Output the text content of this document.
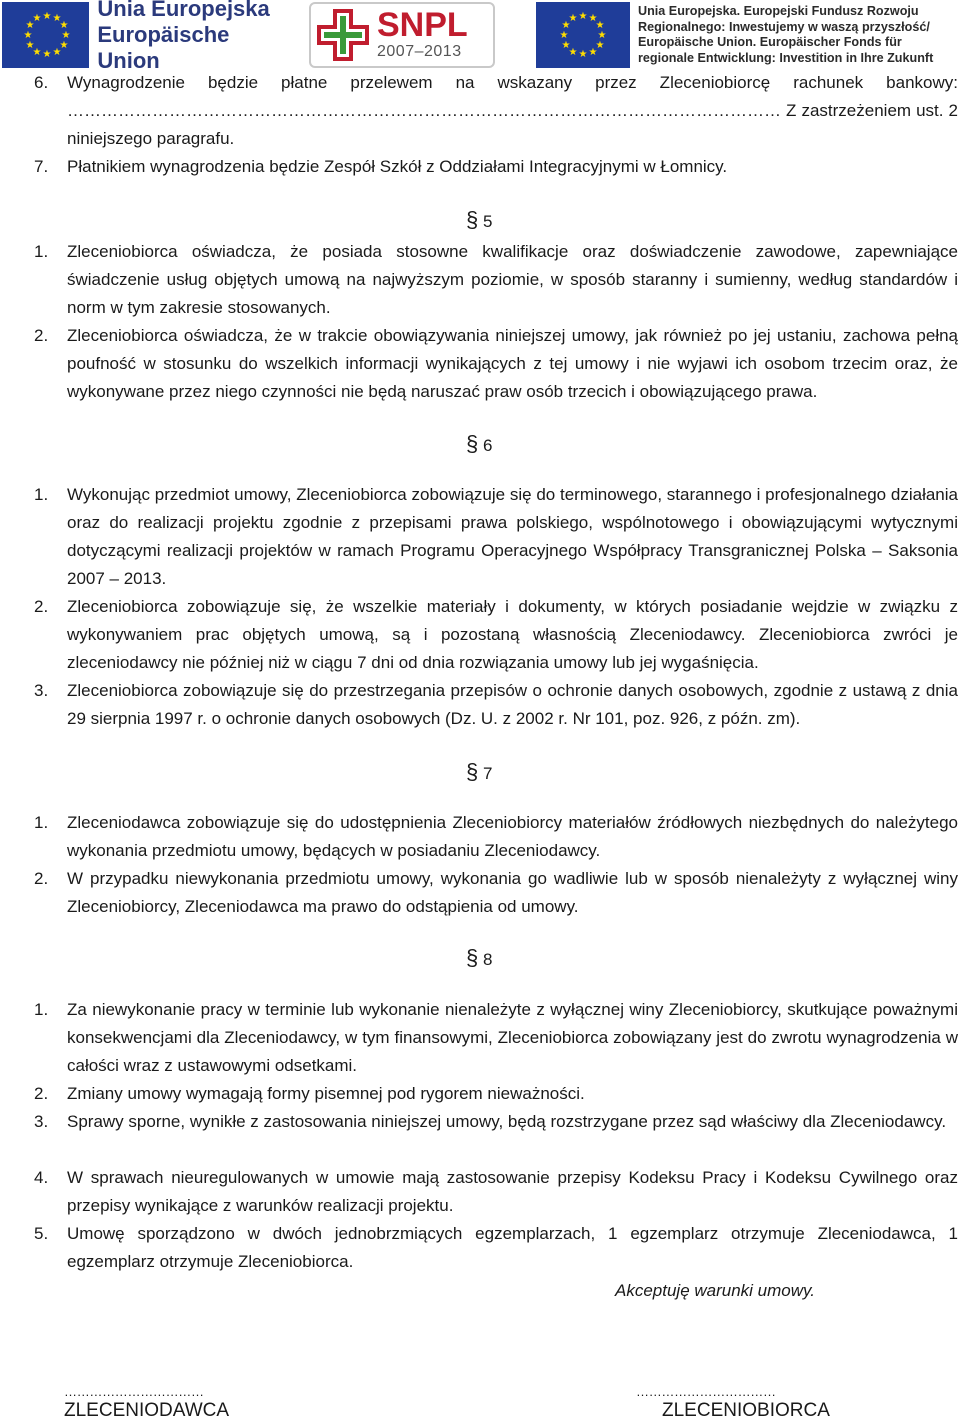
★ ★
★
★
★
★
★
★
★
★
★
★	Unia Europejska
Europäische Union
SNPL
2007–2013
★ ★
★
★
★
★
★
★
★
★
★
★
Unia Europejska. Europejski Fundusz Rozwoju
Regionalnego: Inwestujemy w waszą przyszłość/
Europäische Union. Europäischer Fonds für
regionale Entwicklung: Investition in Ihre Zukunft
6. Wynagrodzenie będzie płatne przelewem na wskazany przez Zleceniobiorcę rachunek bankowy: ……………………………………………………………………………………………………………… Z zastrzeżeniem ust. 2 niniejszego paragrafu.
7. Płatnikiem wynagrodzenia będzie Zespół Szkół z Oddziałami Integracyjnymi w Łomnicy.
§ 5
1. Zleceniobiorca oświadcza, że posiada stosowne kwalifikacje oraz doświadczenie zawodowe, zapewniające świadczenie usług objętych umową na najwyższym poziomie, w sposób staranny i sumienny, według standardów i norm w tym zakresie stosowanych.
2. Zleceniobiorca oświadcza, że w trakcie obowiązywania niniejszej umowy, jak również po jej ustaniu, zachowa pełną poufność w stosunku do wszelkich informacji wynikających z tej umowy i nie wyjawi ich osobom trzecim oraz, że wykonywane przez niego czynności nie będą naruszać praw osób trzecich i obowiązującego prawa.
§ 6
1. Wykonując przedmiot umowy, Zleceniobiorca zobowiązuje się do terminowego, starannego i profesjonalnego działania oraz do realizacji projektu zgodnie z przepisami prawa polskiego, wspólnotowego i obowiązującymi wytycznymi dotyczącymi realizacji projektów w ramach Programu Operacyjnego Współpracy Transgranicznej Polska – Saksonia 2007 – 2013.
2. Zleceniobiorca zobowiązuje się, że wszelkie materiały i dokumenty, w których posiadanie wejdzie w związku z wykonywaniem prac objętych umową, są i pozostaną własnością Zleceniodawcy. Zleceniobiorca zwróci je zleceniodawcy nie później niż w ciągu 7 dni od dnia rozwiązania umowy lub jej wygaśnięcia.
3. Zleceniobiorca zobowiązuje się do przestrzegania przepisów o ochronie danych osobowych, zgodnie z ustawą z dnia 29 sierpnia 1997 r. o ochronie danych osobowych (Dz. U. z 2002 r. Nr 101, poz. 926, z późn. zm).
§ 7
1. Zleceniodawca zobowiązuje się do udostępnienia Zleceniobiorcy materiałów źródłowych niezbędnych do należytego wykonania przedmiotu umowy, będących w posiadaniu Zleceniodawcy.
2. W przypadku niewykonania przedmiotu umowy, wykonania go wadliwie lub w sposób nienależyty z wyłącznej winy Zleceniobiorcy, Zleceniodawca ma prawo do odstąpienia od umowy.
§ 8
1. Za niewykonanie pracy w terminie lub wykonanie nienależyte z wyłącznej winy Zleceniobiorcy, skutkujące poważnymi konsekwencjami dla Zleceniodawcy, w tym finansowymi, Zleceniobiorca zobowiązany jest do zwrotu wynagrodzenia w całości wraz z ustawowymi odsetkami.
2. Zmiany umowy wymagają formy pisemnej pod rygorem nieważności.
3. Sprawy sporne, wynikłe z zastosowania niniejszej umowy, będą rozstrzygane przez sąd właściwy dla Zleceniodawcy.
4. W sprawach nieuregulowanych w umowie mają zastosowanie przepisy Kodeksu Pracy i Kodeksu Cywilnego oraz przepisy wynikające z warunków realizacji projektu.
5. Umowę sporządzono w dwóch jednobrzmiących egzemplarzach, 1 egzemplarz otrzymuje Zleceniodawca, 1 egzemplarz otrzymuje Zleceniobiorca.
Akceptuję warunki umowy.
……………………………
ZLECENIODAWCA
……………………………
ZLECENIOBIORCA
